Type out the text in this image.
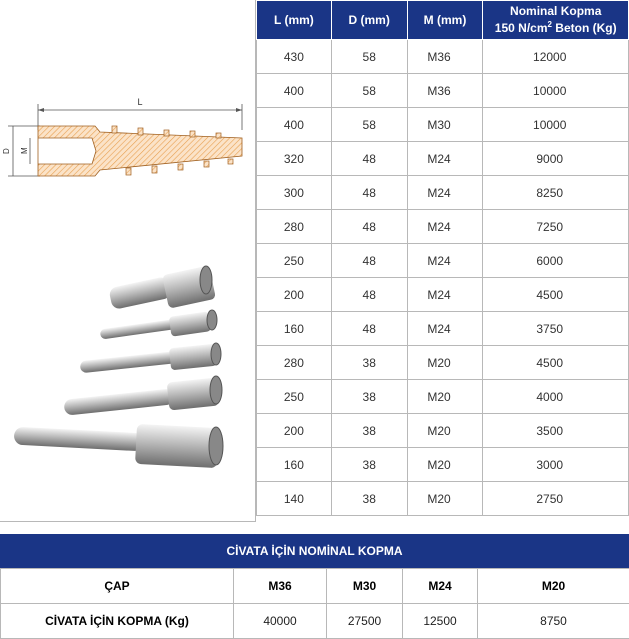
L
D M
L (mm)	D (mm)	M (mm)	Nominal Kopma
150 $N/cm^2$ Beton (Kg)
430	58	M36	12000
400	58	M36	10000
400	58	M30	10000
320	48	M24	9000
300	48	M24	8250
280	48	M24	7250
250	48	M24	6000
200	48	M24	4500
160	48	M24	3750
280	38	M20	4500
250	38	M20	4000
200	38	M20	3500
160	38	M20	3000
140	38	M20	2750
CİVATA İÇİN NOMİNAL KOPMA
ÇAP	M36	M30	M24	M20
CİVATA İÇİN KOPMA (Kg)	40000	27500	12500	8750
